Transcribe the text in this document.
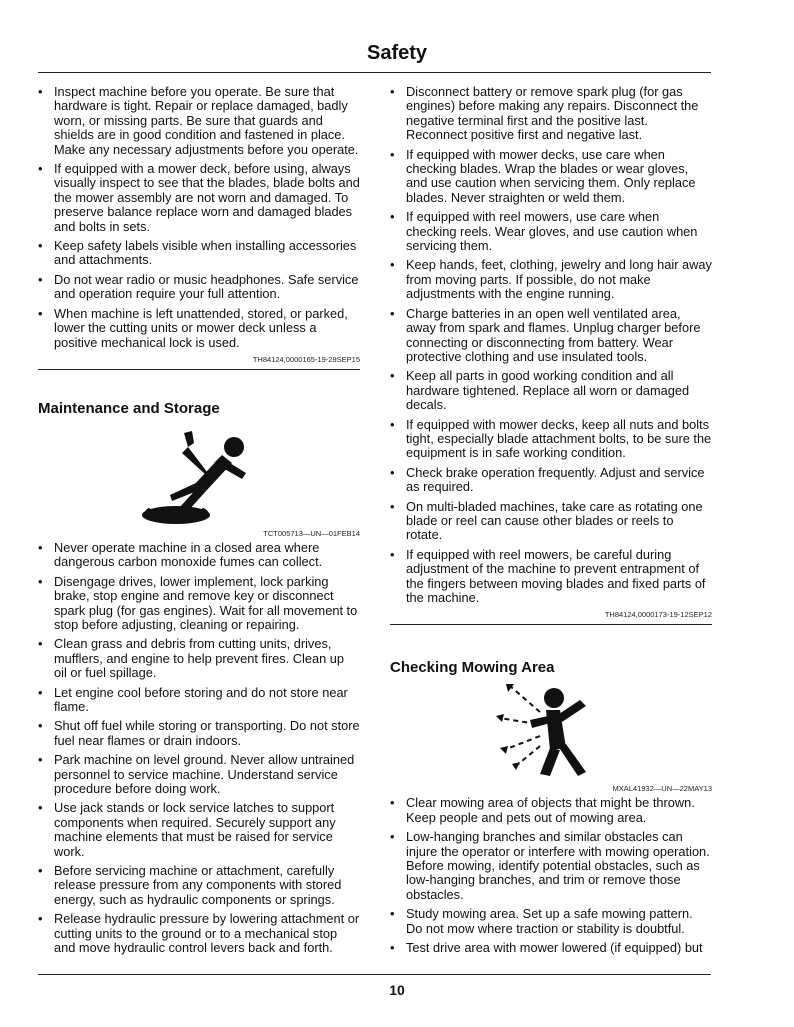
Safety
• Inspect machine before you operate. Be sure that hardware is tight. Repair or replace damaged, badly worn, or missing parts. Be sure that guards and shields are in good condition and fastened in place. Make any necessary adjustments before you operate.
• If equipped with a mower deck, before using, always visually inspect to see that the blades, blade bolts and the mower assembly are not worn and damaged. To preserve balance replace worn and damaged blades and bolts in sets.
• Keep safety labels visible when installing accessories and attachments.
• Do not wear radio or music headphones. Safe service and operation require your full attention.
• When machine is left unattended, stored, or parked, lower the cutting units or mower deck unless a positive mechanical lock is used.
TH84124,0000165-19-29SEP15
Maintenance and Storage
TCT005713—UN—01FEB14
• Never operate machine in a closed area where dangerous carbon monoxide fumes can collect.
• Disengage drives, lower implement, lock parking brake, stop engine and remove key or disconnect spark plug (for gas engines). Wait for all movement to stop before adjusting, cleaning or repairing.
• Clean grass and debris from cutting units, drives, mufflers, and engine to help prevent fires. Clean up oil or fuel spillage.
• Let engine cool before storing and do not store near flame.
• Shut off fuel while storing or transporting. Do not store fuel near flames or drain indoors.
• Park machine on level ground. Never allow untrained personnel to service machine. Understand service procedure before doing work.
• Use jack stands or lock service latches to support components when required. Securely support any machine elements that must be raised for service work.
• Before servicing machine or attachment, carefully release pressure from any components with stored energy, such as hydraulic components or springs.
• Release hydraulic pressure by lowering attachment or cutting units to the ground or to a mechanical stop and move hydraulic control levers back and forth.
• Disconnect battery or remove spark plug (for gas engines) before making any repairs. Disconnect the negative terminal first and the positive last. Reconnect positive first and negative last.
• If equipped with mower decks, use care when checking blades. Wrap the blades or wear gloves, and use caution when servicing them. Only replace blades. Never straighten or weld them.
• If equipped with reel mowers, use care when checking reels. Wear gloves, and use caution when servicing them.
• Keep hands, feet, clothing, jewelry and long hair away from moving parts. If possible, do not make adjustments with the engine running.
• Charge batteries in an open well ventilated area, away from spark and flames. Unplug charger before connecting or disconnecting from battery. Wear protective clothing and use insulated tools.
• Keep all parts in good working condition and all hardware tightened. Replace all worn or damaged decals.
• If equipped with mower decks, keep all nuts and bolts tight, especially blade attachment bolts, to be sure the equipment is in safe working condition.
• Check brake operation frequently. Adjust and service as required.
• On multi-bladed machines, take care as rotating one blade or reel can cause other blades or reels to rotate.
• If equipped with reel mowers, be careful during adjustment of the machine to prevent entrapment of the fingers between moving blades and fixed parts of the machine.
TH84124,0000173-19-12SEP12
Checking Mowing Area
MXAL41932—UN—22MAY13
• Clear mowing area of objects that might be thrown. Keep people and pets out of mowing area.
• Low-hanging branches and similar obstacles can injure the operator or interfere with mowing operation. Before mowing, identify potential obstacles, such as low-hanging branches, and trim or remove those obstacles.
• Study mowing area. Set up a safe mowing pattern. Do not mow where traction or stability is doubtful.
• Test drive area with mower lowered (if equipped) but
10
